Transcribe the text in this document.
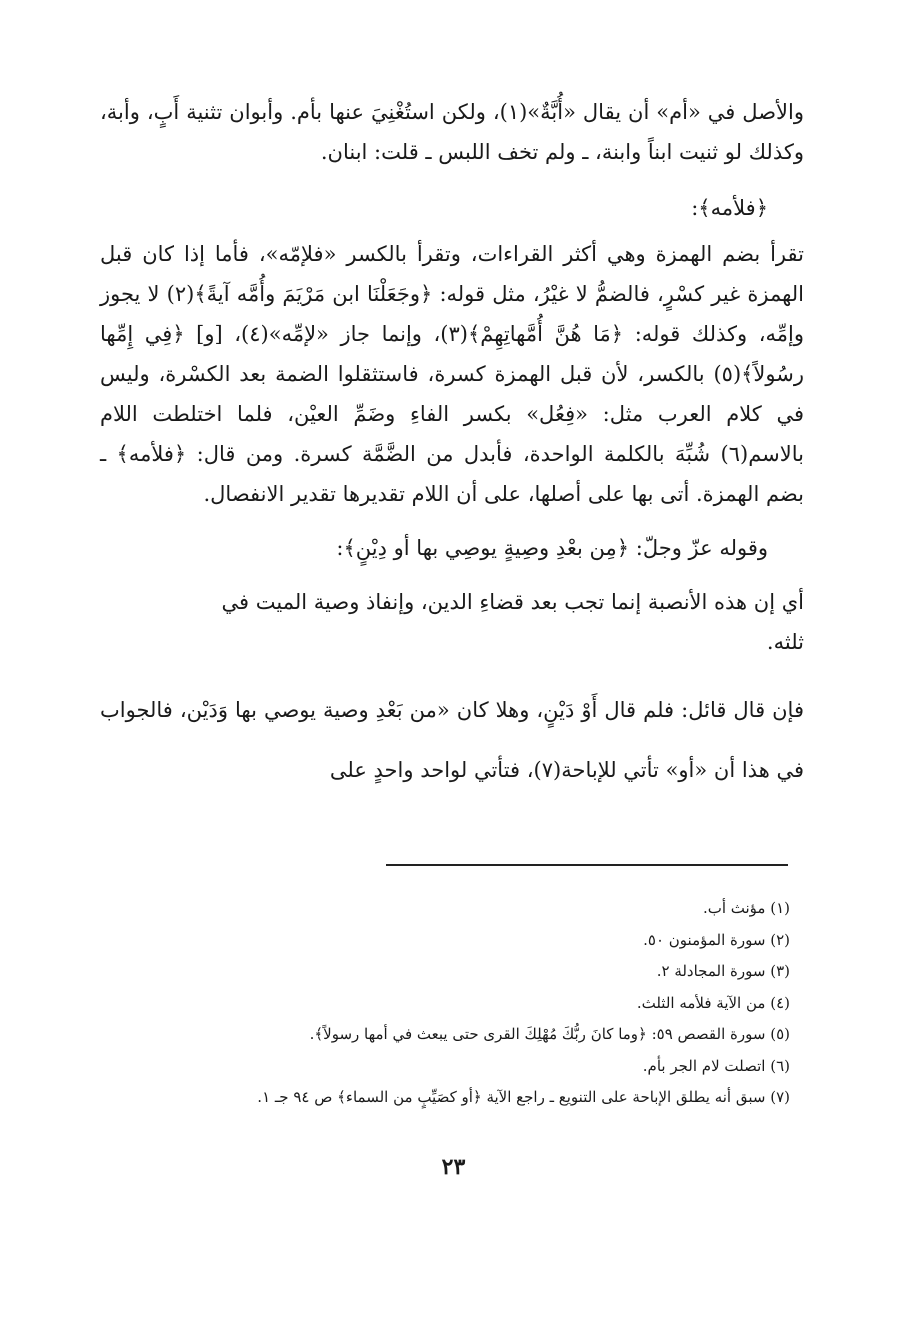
والأصل في «أم» أن يقال «أُبَّةٌ»(١)، ولكن استُغْنِيَ عنها بأم. وأبوان تثنية أَبٍ، وأبة، وكذلك لو ثنيت ابناً وابنة، ـ ولم تخف اللبس ـ قلت: ابنان.

﴿فلأمه﴾:

تقرأ بضم الهمزة وهي أكثر القراءات، وتقرأ بالكسر «فلإمّه»، فأما إذا كان قبل الهمزة غير كسْرٍ، فالضمُّ لا غيْرُ، مثل قوله: ﴿وجَعَلْنَا ابن مَرْيَمَ وأُمَّه آيةً﴾(٢) لا يجوز وإمِّه، وكذلك قوله: ﴿مَا هُنَّ أُمَّهاتِهِمْ﴾(٣)، وإنما جاز «لإمِّه»(٤)، [و] ﴿فِي إِمِّها رسُولاً﴾(٥) بالكسر، لأن قبل الهمزة كسرة، فاستثقلوا الضمة بعد الكسْرة، وليس في كلام العرب مثل: «فِعُل» بكسر الفاءِ وضَمِّ العيْن، فلما اختلطت اللام بالاسم(٦) شُبِّهَ بالكلمة الواحدة، فأبدل من الضَّمَّة كسرة. ومن قال: ﴿فلأمه﴾ ـ بضم الهمزة. أتى بها على أصلها، على أن اللام تقديرها تقدير الانفصال.

وقوله عزّ وجلّ: ﴿مِن بعْدِ وصِيةٍ يوصِي بها أو دِيْنٍ﴾:

أي إن هذه الأنصبة إنما تجب بعد قضاءِ الدين، وإنفاذ وصية الميت في
ثلثه.

فإن قال قائل: فلم قال أَوْ دَيْنٍ، وهلا كان «من بَعْدِ وصية يوصي بها وَدَيْن، فالجواب في هذا أن «أو» تأتي للإباحة(٧)، فتأتي لواحد واحدٍ على

(١) مؤنث أب.
(٢) سورة المؤمنون ٥٠.
(٣) سورة المجادلة ٢.
(٤) من الآية فلأمه الثلث.
(٥) سورة القصص ٥٩: ﴿وما كانَ ربُّكَ مُهْلِكَ القرى حتى يبعث في أمها رسولاً﴾.
(٦) اتصلت لام الجر بأم.
(٧) سبق أنه يطلق الإباحة على التنويع ـ راجع الآية ﴿أو كصَيِّبٍ من السماء﴾ ص ٩٤ جـ ١.
٢٣
